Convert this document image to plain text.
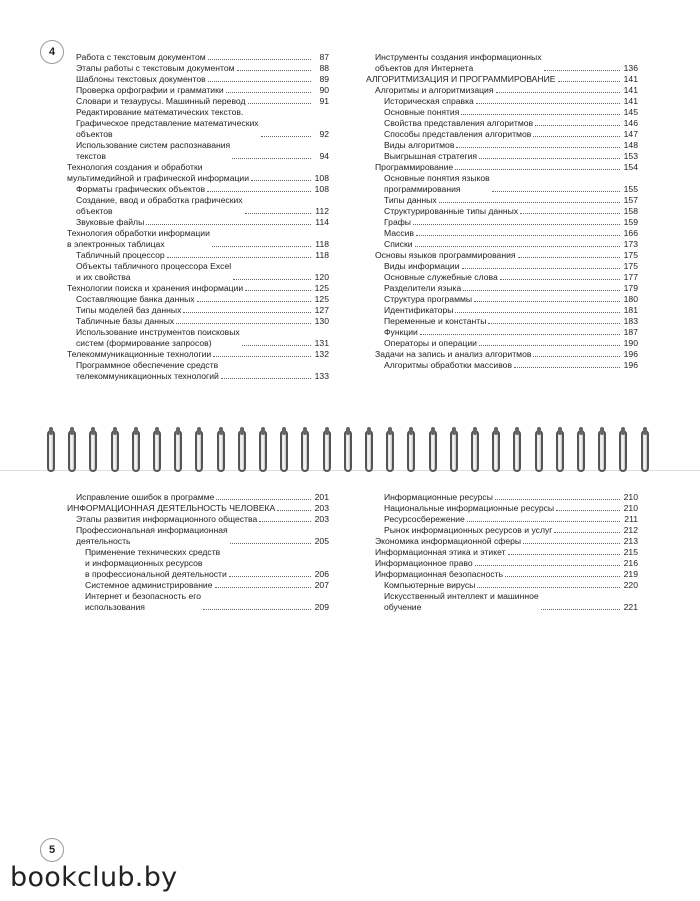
4	Работа с текстовым документом	87
Этапы работы с текстовым документом	88
Шаблоны текстовых документов	89
Проверка орфографии и грамматики	90
Словари и тезаурусы. Машинный перевод	91
Редактирование математических текстов.
Графическое представление математических
объектов	92
Использование систем распознавания
текстов	94
Технология создания и обработки
мультимедийной и графической информации	108
Форматы графических объектов	108
Создание, ввод и обработка графических
объектов	112
Звуковые файлы	114
Технология обработки информации
в электронных таблицах	118
Табличный процессор	118
Объекты табличного процессора Excel
и их свойства	120
Технологии поиска и хранения информации	125
Составляющие банка данных	125
Типы моделей баз данных	127
Табличные базы данных	130
Использование инструментов поисковых
систем (формирование запросов)	131
Телекоммуникационные технологии	132
Программное обеспечение средств
телекоммуникационных технологий	133
Инструменты создания информационных
объектов для Интернета	136
АЛГОРИТМИЗАЦИЯ И ПРОГРАММИРОВАНИЕ	141
Алгоритмы и алгоритмизация	141
Историческая справка	141
Основные понятия	145
Свойства представления алгоритмов	146
Способы представления алгоритмов	147
Виды алгоритмов	148
Выигрышная стратегия	153
Программирование	154
Основные понятия языков
программирования	155
Типы данных	157
Структурированные типы данных	158
Графы	159
Массив	166
Списки	173
Основы языков программирования	175
Виды информации	175
Основные служебные слова	177
Разделители языка	179
Структура программы	180
Идентификаторы	181
Переменные и константы	183
Функции	187
Операторы и операции	190
Задачи на запись и анализ алгоритмов	196
Алгоритмы обработки массивов	196
Исправление ошибок в программе	201
ИНФОРМАЦИОННАЯ ДЕЯТЕЛЬНОСТЬ ЧЕЛОВЕКА	203
Этапы развития информационного общества	203
Профессиональная информационная
деятельность	205
Применение технических средств
и информационных ресурсов
в профессиональной деятельности	206
Системное администрирование	207
Интернет и безопасность его
использования	209
Информационные ресурсы	210
Национальные информационные ресурсы	210
Ресурсосбережение	211
Рынок информационных ресурсов и услуг	212
Экономика информационной сферы	213
Информационная этика и этикет	215
Информационное право	216
Информационная безопасность	219
Компьютерные вирусы	220
Искусственный интеллект и машинное
обучение	221
5
bookclub.by
